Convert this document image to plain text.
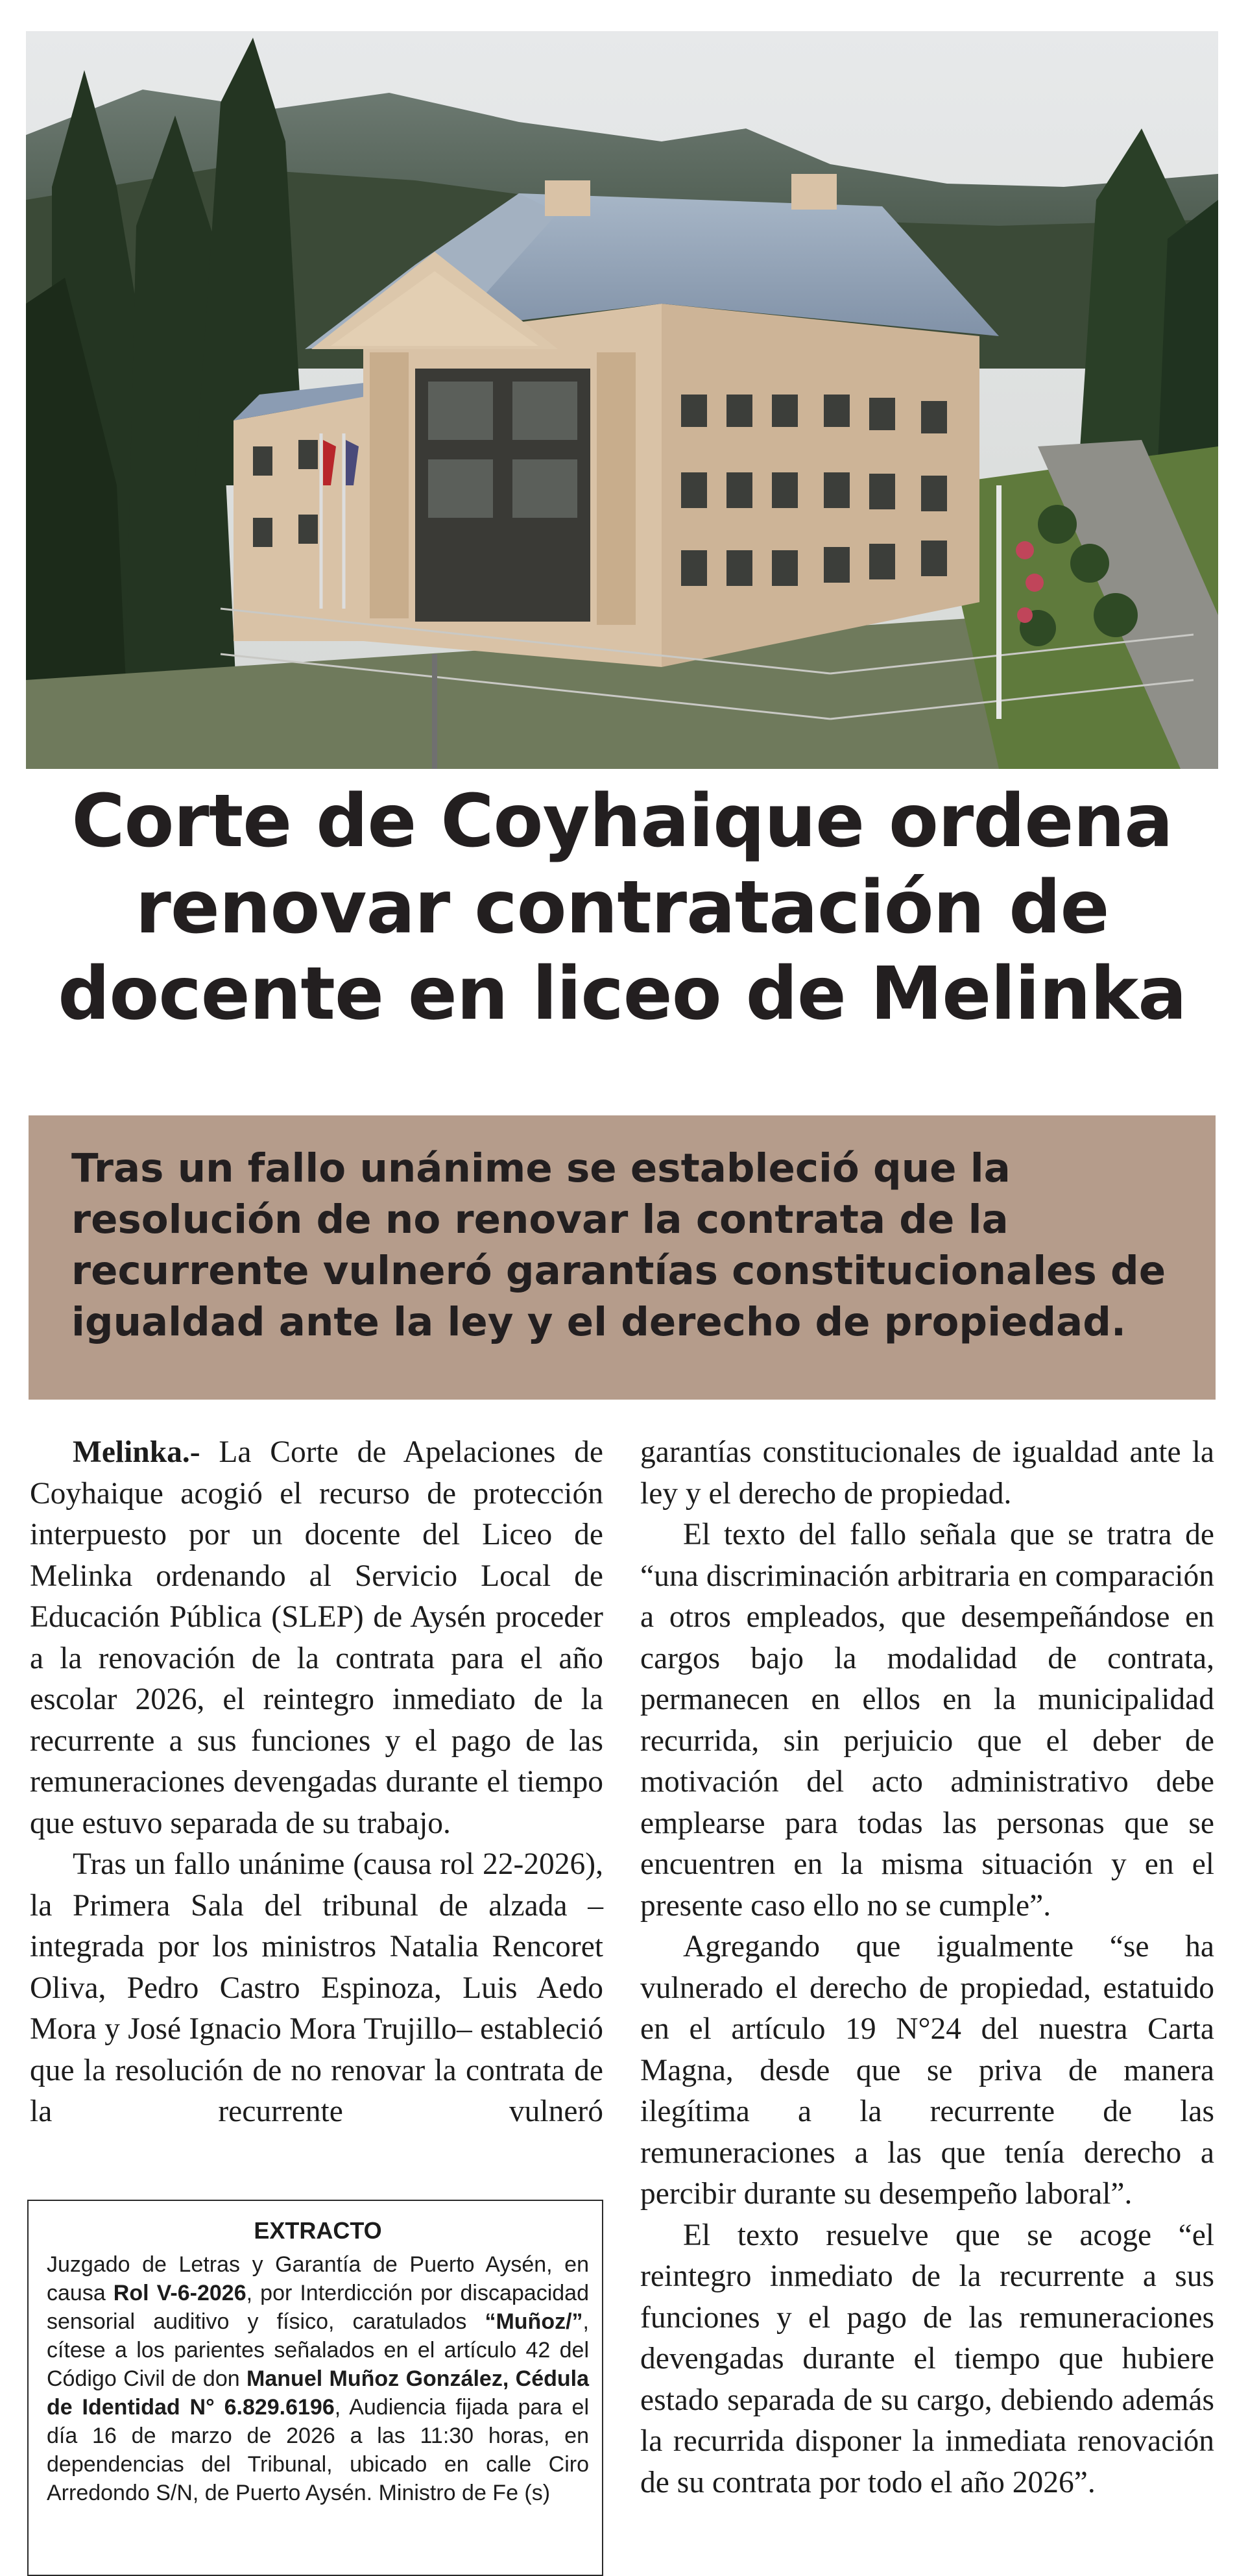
Corte de Coyhaique ordena
renovar contratación de
docente en liceo de Melinka

Tras un fallo unánime se estableció que la resolución de no renovar la contrata de la recurrente vulneró garantías constitucionales de igualdad ante la ley y el derecho de propiedad.

Melinka.- La Corte de Apelaciones de Coyhaique acogió el recurso de protección interpuesto por un docente del Liceo de Melinka ordenando al Servicio Local de Educación Pública (SLEP) de Aysén proceder a la renovación de la contrata para el año escolar 2026, el reintegro inmediato de la recurrente a sus funciones y el pago de las remuneraciones devengadas durante el tiempo que estuvo separada de su trabajo.

Tras un fallo unánime (causa rol 22-2026), la Primera Sala del tribunal de alzada –integrada por los ministros Natalia Rencoret Oliva, Pedro Castro Espinoza, Luis Aedo Mora y José Ignacio Mora Trujillo– estableció que la resolución de no renovar la contrata de la recurrente vulneró

garantías constitucionales de igualdad ante la ley y el derecho de propiedad.

El texto del fallo señala que se tratra de “una discriminación arbitraria en comparación a otros empleados, que desempeñándose en cargos bajo la modalidad de contrata, permanecen en ellos en la municipalidad recurrida, sin perjuicio que el deber de motivación del acto administrativo debe emplearse para todas las personas que se encuentren en la misma situación y en el presente caso ello no se cumple”.

Agregando que igualmente “se ha vulnerado el derecho de propiedad, estatuido en el artículo 19 N°24 del nuestra Carta Magna, desde que se priva de manera ilegítima a la recurrente de las remuneraciones a las que tenía derecho a percibir durante su desempeño laboral”.

El texto resuelve que se acoge “el reintegro inmediato de la recurrente a sus funciones y el pago de las remuneraciones devengadas durante el tiempo que hubiere estado separada de su cargo, debiendo además la recurrida disponer la inmediata renovación de su contrata por todo el año 2026”.

EXTRACTO

Juzgado de Letras y Garantía de Puerto Aysén, en causa Rol V-6-2026, por Interdicción por discapacidad sensorial auditivo y físico, caratulados “Muñoz/”, cítese a los parientes señalados en el artículo 42 del Código Civil de don Manuel Muñoz González, Cédula de Identidad N° 6.829.6196, Audiencia fijada para el día 16 de marzo de 2026 a las 11:30 horas, en dependencias del Tribunal, ubicado en calle Ciro Arredondo S/N, de Puerto Aysén. Ministro de Fe (s)
